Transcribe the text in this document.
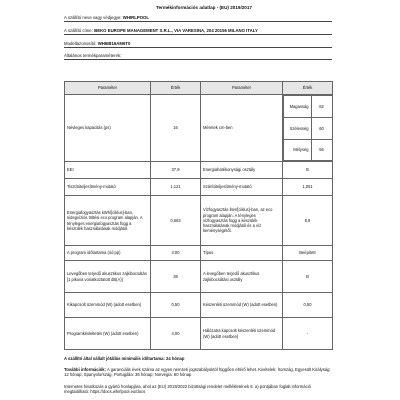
Termékinformációs adatlap - (EU) 2019/2017
A szállító neve vagy védjegye: WHIRLPOOL
A szállító címe: BEKO EUROPE MANAGEMENT S.R.L., VIA VARESINA, 204 20156 MILANO ITALY
Modellazonosító: WH6IB16AM6T0
Általános termékparaméterek:
Paraméter	Érték	Paraméter	Érték
Névleges kapacitás (ps)	16	Méretek cm-ben	
Magasság	82
Szélesség	60
Mélység	56

EEI	37,9	Energiahatékonysági osztály	B
Tisztítóteljesítmény-mutató	1,121	Szárítóteljesítmény-mutató	1,061
Energiafogyasztás kWh/[ciklus]-ban, nidegvíziós töltési eco program alapján. A tényleges energiafogyasztás függ a készülék használatának módjától.	0,663	Vízfogyasztás liter/[ciklus]-ban, az eco program alapján. A tényleges vízfogyasztás függ a készülék használatának módjától és a víz keménységétől.	8,9
A program időtartama (óó:pp)	4:00	Típus	Beépített
Levegőben terjedő akusztikus zajkibocsátás [1 pikova vonatkoztatott dB(A)]	38	A levegőben terjedő akusztikus zajkibocsátási osztály	B
Kikapcsolt üzemmód (W) (adott esetben)	0,50	Készenléti üzemmód (W) (adott esetben)	0,50
Programkésleltetés (W) (adott esetben)	4,00	Hálózatra kapcsolt készenléti üzemmód (W) (adott esetben)	-
A szállító által vállalt jótállás minimális időtartama: 24 hónap
További információk: A garanciális évek száma az egyes nemzeti jogszabályoktól függően eltérő lehet. Kivételek: Írország, Egyesült Királyság: 12 hónap; Spanyolország, Portugália: 36 hónap; Norvégia: 60 hónap
Internetes hivatkozás a gyártó honlapjára, ahol az (EU) 2019/2022 bizottsági rendelet mellékletének 6. a) pontjában foglalt információ megtalálható: https://docs.whirlpool.eu/docs
